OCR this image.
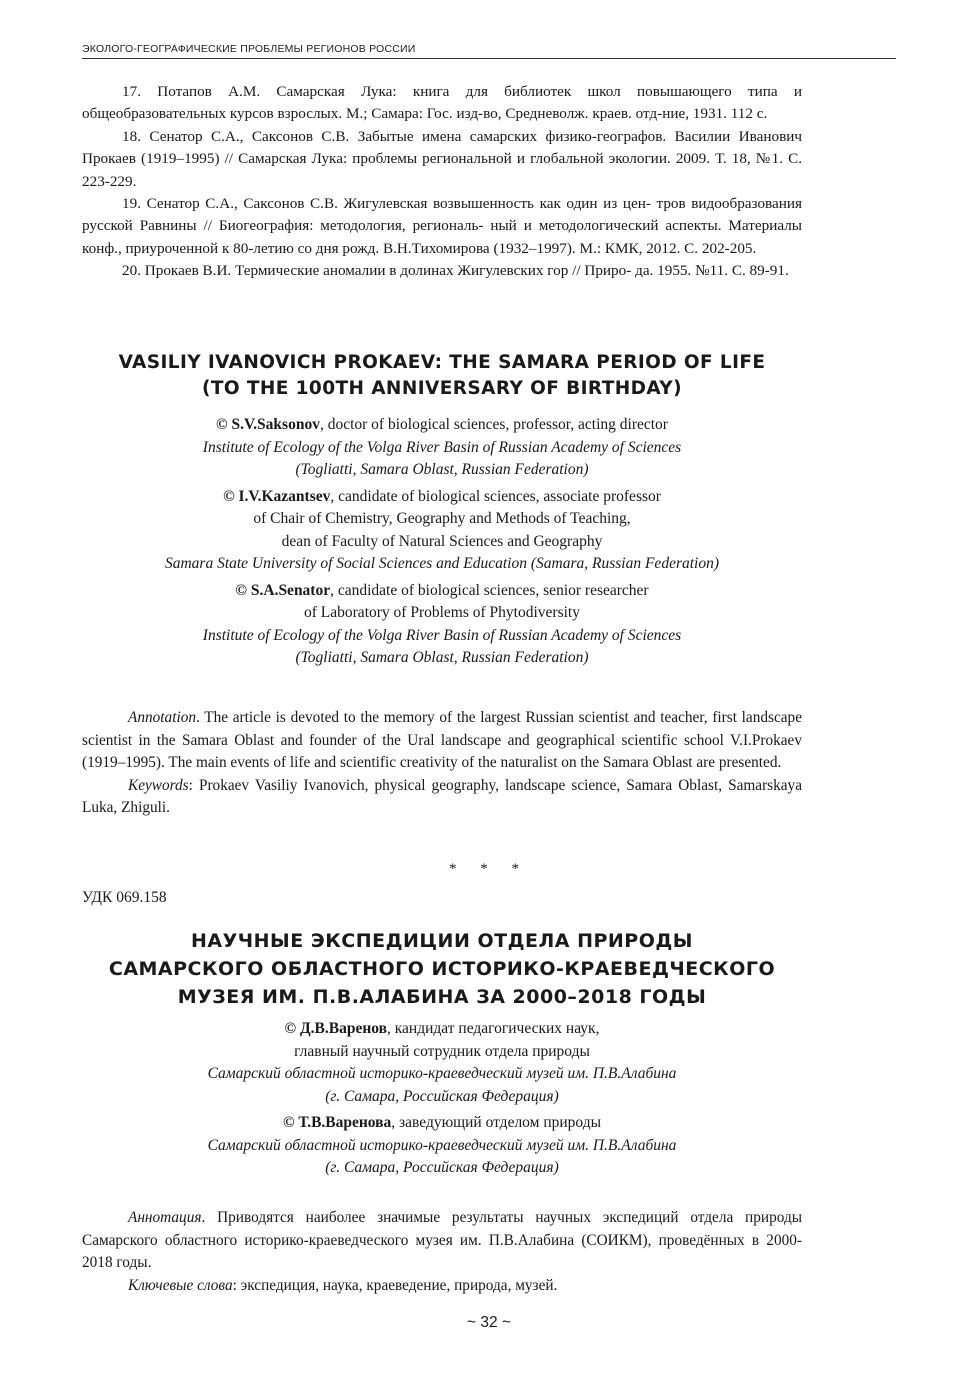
ЭКОЛОГО-ГЕОГРАФИЧЕСКИЕ ПРОБЛЕМЫ РЕГИОНОВ РОССИИ

17. Потапов А.М. Самарская Лука: книга для библиотек школ повышающего типа и общеобразовательных курсов взрослых. М.; Самара: Гос. изд-во, Средневолж. краев. отд-ние, 1931. 112 с.

18. Сенатор С.А., Саксонов С.В. Забытые имена самарских физико-географов. Василии Иванович Прокаев (1919–1995) // Самарская Лука: проблемы региональной и глобальной экологии. 2009. Т. 18, №1. С. 223-229.

19. Сенатор С.А., Саксонов С.В. Жигулевская возвышенность как один из цен- тров видообразования русской Равнины // Биогеография: методология, региональ- ный и методологический аспекты. Материалы конф., приуроченной к 80-летию со дня рожд. В.Н.Тихомирова (1932–1997). М.: КМК, 2012. С. 202-205.

20. Прокаев В.И. Термические аномалии в долинах Жигулевских гор // Приро- да. 1955. №11. С. 89-91.

VASILIY IVANOVICH PROKAEV: THE SAMARA PERIOD OF LIFE
(TO THE 100TH ANNIVERSARY OF BIRTHDAY)
© S.V.Saksonov, doctor of biological sciences, professor, acting director
Institute of Ecology of the Volga River Basin of Russian Academy of Sciences
(Togliatti, Samara Oblast, Russian Federation)
© I.V.Kazantsev, candidate of biological sciences, associate professor
of Chair of Chemistry, Geography and Methods of Teaching,
dean of Faculty of Natural Sciences and Geography
Samara State University of Social Sciences and Education (Samara, Russian Federation)
© S.A.Senator, candidate of biological sciences, senior researcher
of Laboratory of Problems of Phytodiversity
Institute of Ecology of the Volga River Basin of Russian Academy of Sciences
(Togliatti, Samara Oblast, Russian Federation)

Annotation. The article is devoted to the memory of the largest Russian scientist and teacher, first landscape scientist in the Samara Oblast and founder of the Ural landscape and geographical scientific school V.I.Prokaev (1919–1995). The main events of life and scientific creativity of the naturalist on the Samara Oblast are presented.

Keywords: Prokaev Vasiliy Ivanovich, physical geography, landscape science, Samara Oblast, Samarskaya Luka, Zhiguli.

* * *
УДК 069.158
НАУЧНЫЕ ЭКСПЕДИЦИИ ОТДЕЛА ПРИРОДЫ
САМАРСКОГО ОБЛАСТНОГО ИСТОРИКО-КРАЕВЕДЧЕСКОГО
МУЗЕЯ ИМ. П.В.АЛАБИНА ЗА 2000–2018 ГОДЫ
© Д.В.Варенов, кандидат педагогических наук,
главный научный сотрудник отдела природы
Самарский областной историко-краеведческий музей им. П.В.Алабина
(г. Самара, Российская Федерация)
© Т.В.Варенова, заведующий отделом природы
Самарский областной историко-краеведческий музей им. П.В.Алабина
(г. Самара, Российская Федерация)

Аннотация. Приводятся наиболее значимые результаты научных экспедиций отдела природы Самарского областного историко-краеведческого музея им. П.В.Алабина (СОИКМ), проведённых в 2000-2018 годы.

Ключевые слова: экспедиция, наука, краеведение, природа, музей.

~ 32 ~
